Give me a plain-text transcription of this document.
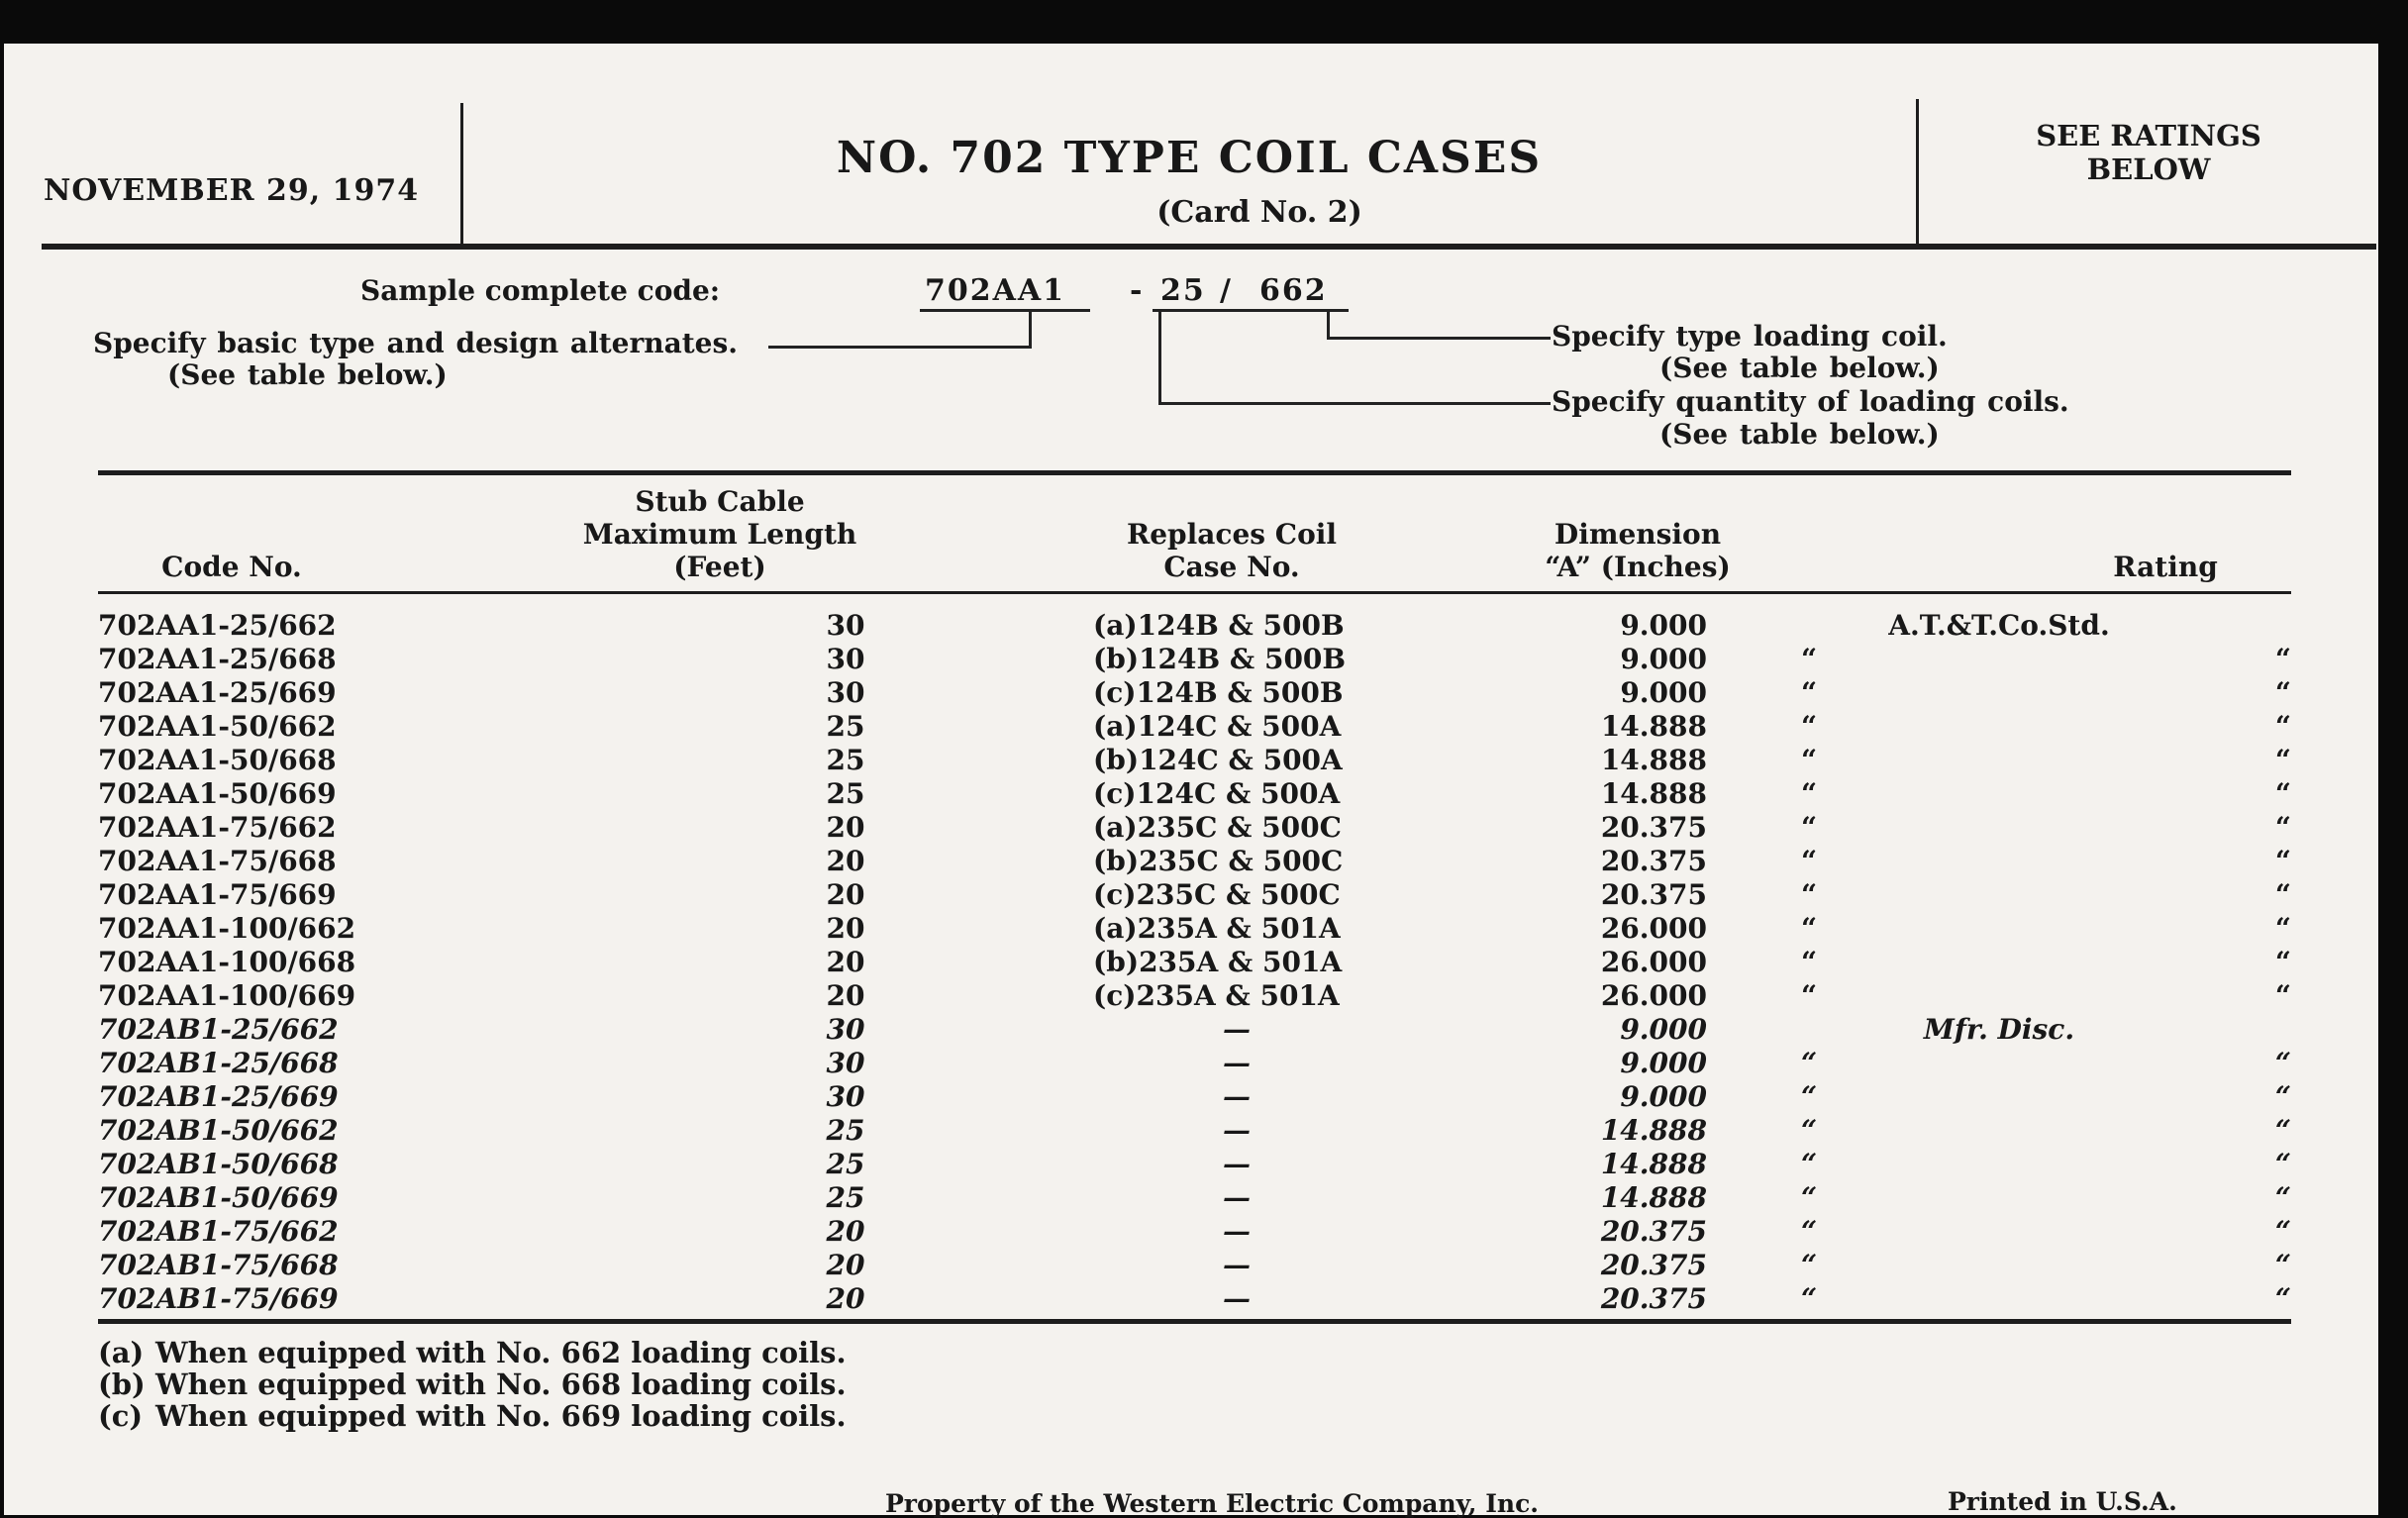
NOVEMBER 29, 1974
NO. 702 TYPE COIL CASES
(Card No. 2)
SEE RATINGS
BELOW
Sample complete code:	702AA1 - 25 / 662
Specify basic type and design alternates.
(See table below.)
Specify type loading coil.
(See table below.)
Specify quantity of loading coils.
(See table below.)
Code No.
Stub Cable
Maximum Length
(Feet)
Replaces Coil
Case No.
Dimension
“A” (Inches)	Rating
702AA1-25/662	30	(a)124B & 500B	9.000	A.T.&T.Co.Std.
702AA1-25/668	30	(b)124B & 500B	9.000	“ “

702AA1-25/669	30	(c)124B & 500B	9.000	“ “

702AA1-50/662	25	(a)124C & 500A	14.888	“ “

702AA1-50/668	25	(b)124C & 500A	14.888	“ “

702AA1-50/669	25	(c)124C & 500A	14.888	“ “

702AA1-75/662	20	(a)235C & 500C	20.375	“ “

702AA1-75/668	20	(b)235C & 500C	20.375	“ “

702AA1-75/669	20	(c)235C & 500C	20.375	“ “

702AA1-100/662	20	(a)235A & 501A	26.000	“ “

702AA1-100/668	20	(b)235A & 501A	26.000	“ “

702AA1-100/669	20	(c)235A & 501A	26.000	“ “

702AB1-25/662	30	—	9.000	Mfr. Disc.
702AB1-25/668	30	—	9.000	“ “

702AB1-25/669	30	—	9.000	“ “

702AB1-50/662	25	—	14.888	“ “

702AB1-50/668	25	—	14.888	“ “

702AB1-50/669	25	—	14.888	“ “

702AB1-75/662	20	—	20.375	“ “

702AB1-75/668	20	—	20.375	“ “

702AB1-75/669	20	—	20.375	“ “
(a) When equipped with No. 662 loading coils.
(b) When equipped with No. 668 loading coils.
(c) When equipped with No. 669 loading coils.
Property of the Western Electric Company, Inc.	Printed in U.S.A.
